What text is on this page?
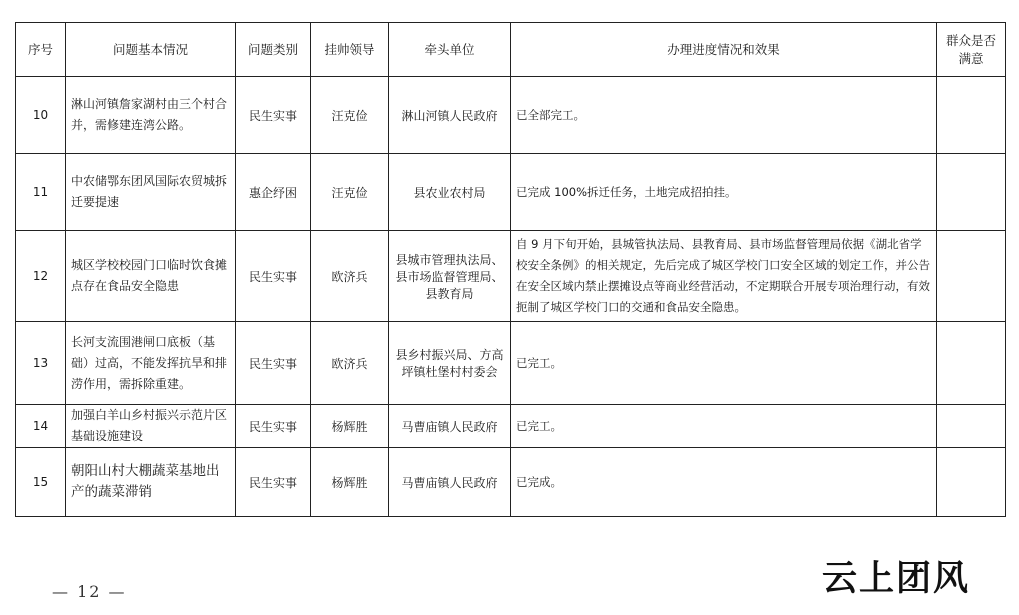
序号	问题基本情况	问题类别	挂帅领导	牵头单位	办理进度情况和效果	群众是否满意
10	淋山河镇詹家湖村由三个村合并，需修建连湾公路。	民生实事	汪克俭	淋山河镇人民政府	已全部完工。	
11	中农储鄂东团风国际农贸城拆迁要提速	惠企纾困	汪克俭	县农业农村局	已完成 100%拆迁任务，土地完成招拍挂。	
12	城区学校校园门口临时饮食摊点存在食品安全隐患	民生实事	欧济兵	县城市管理执法局、县市场监督管理局、县教育局	自 9 月下旬开始，县城管执法局、县教育局、县市场监督管理局依据《湖北省学校安全条例》的相关规定，先后完成了城区学校门口安全区域的划定工作，并公告在安全区域内禁止摆摊设点等商业经营活动，不定期联合开展专项治理行动，有效扼制了城区学校门口的交通和食品安全隐患。	
13	长河支流围港闸口底板（基础）过高，不能发挥抗旱和排涝作用，需拆除重建。	民生实事	欧济兵	县乡村振兴局、方高坪镇杜堡村村委会	已完工。	
14	加强白羊山乡村振兴示范片区基础设施建设	民生实事	杨辉胜	马曹庙镇人民政府	已完工。	
15	朝阳山村大棚蔬菜基地出产的蔬菜滞销	民生实事	杨辉胜	马曹庙镇人民政府	已完成。	
— 12 —	云上团风
